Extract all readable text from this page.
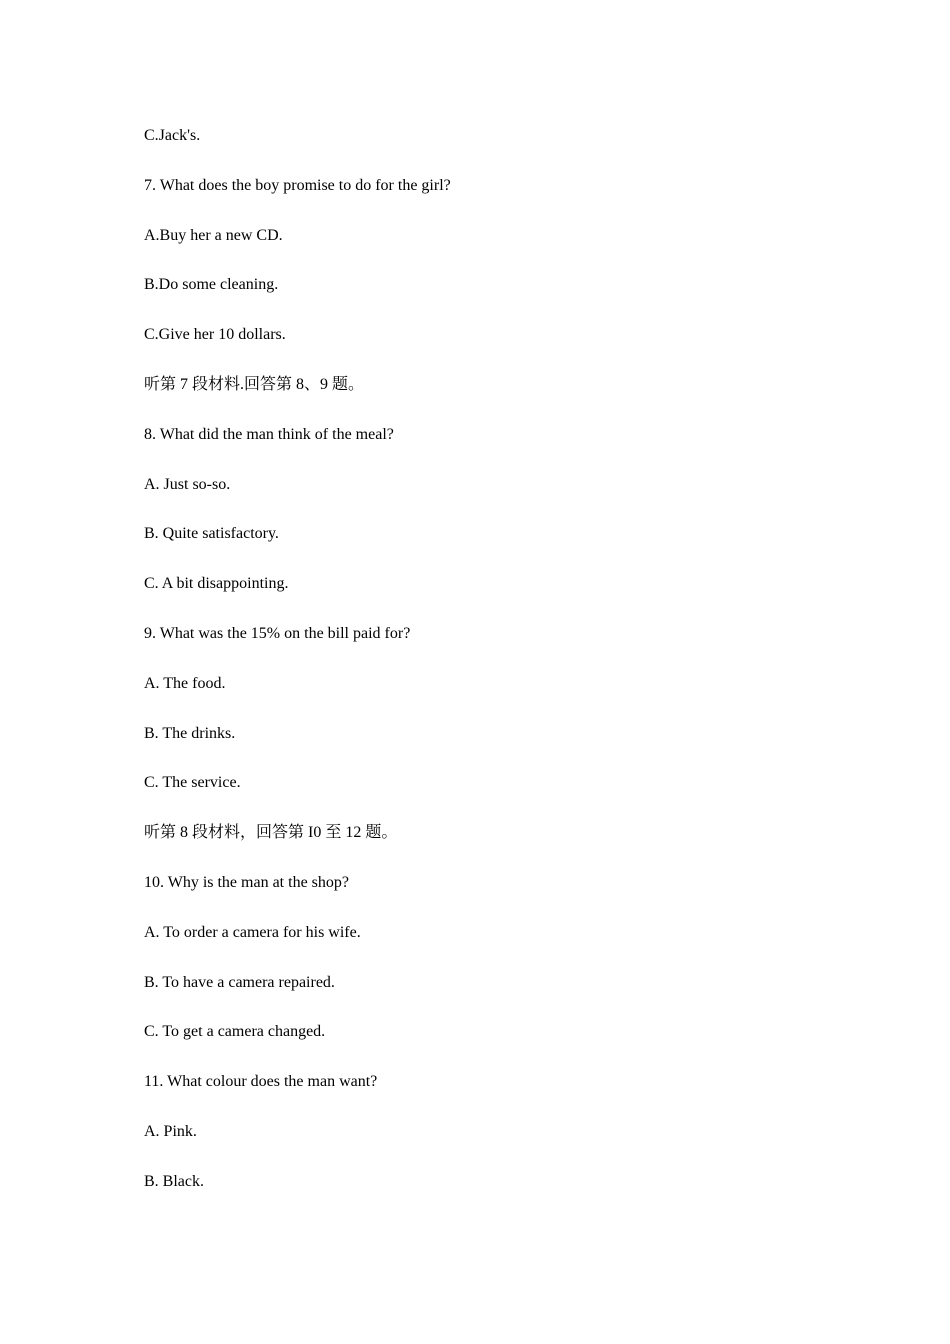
C.Jack's.
7. What does the boy promise to do for the girl?
A.Buy her a new CD.
B.Do some cleaning.
C.Give her 10 dollars.
听第 7 段材料.回答第 8、9 题。
8. What did the man think of the meal?
A. Just so-so.
B. Quite satisfactory.
C. A bit disappointing.
9. What was the 15% on the bill paid for?
A. The food.
B. The drinks.
C. The service.
听第 8 段材料，回答第 I0 至 12 题。
10. Why is the man at the shop?
A. To order a camera for his wife.
B. To have a camera repaired.
C. To get a camera changed.
11. What colour does the man want?
A. Pink.
B. Black.
